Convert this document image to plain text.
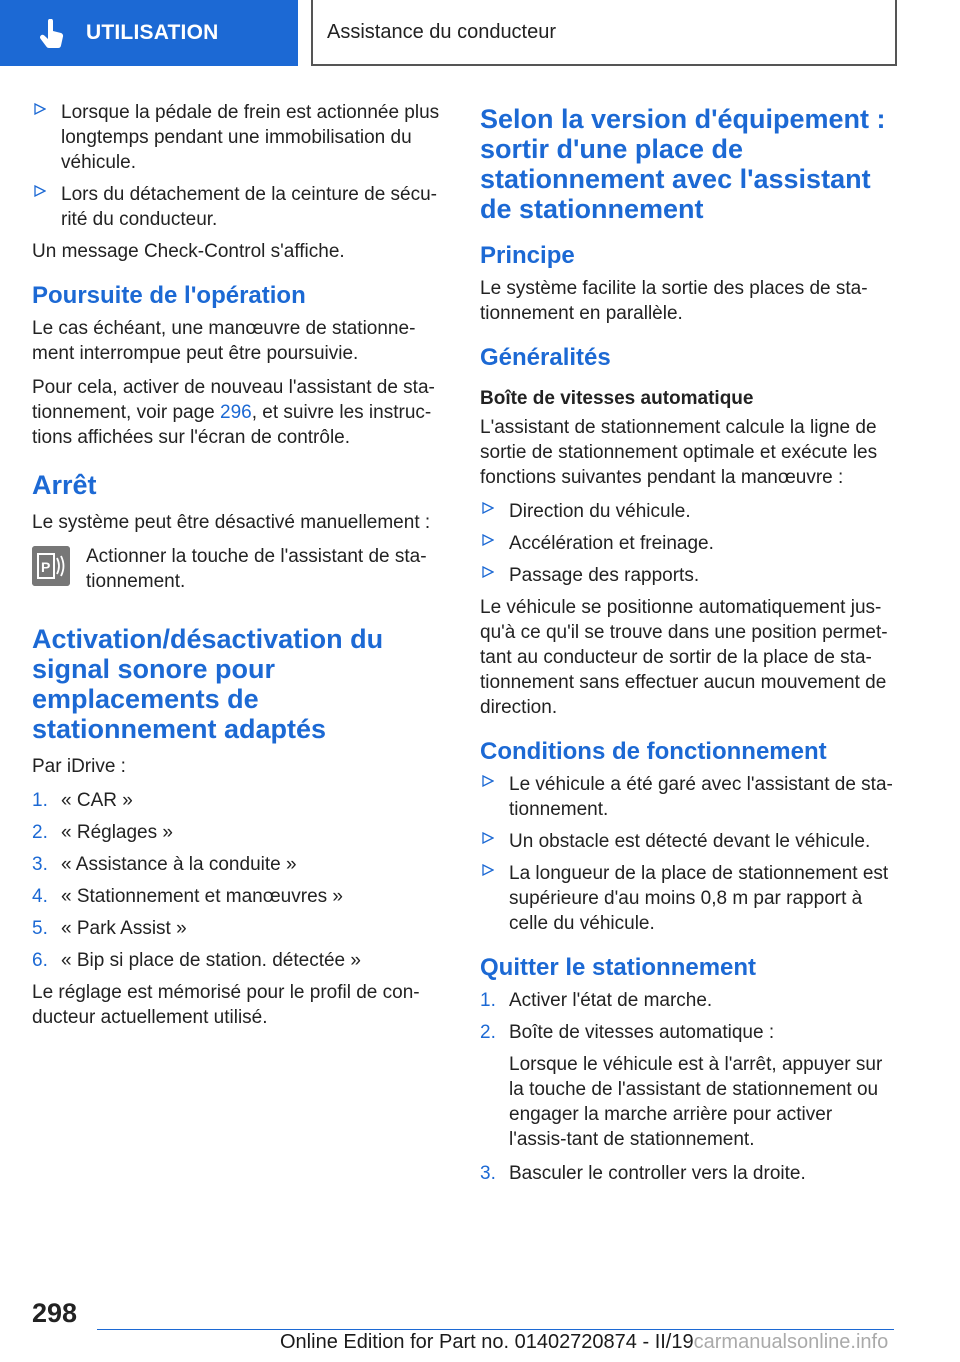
UTILISATION	Assistance du conducteur
Lorsque la pédale de frein est actionnée plus longtemps pendant une immobilisation du véhicule.
Lors du détachement de la ceinture de sécu-rité du conducteur.

Un message Check-Control s'affiche.

Poursuite de l'opération

Le cas échéant, une manœuvre de stationne-ment interrompue peut être poursuivie.

Pour cela, activer de nouveau l'assistant de sta-tionnement, voir page 296, et suivre les instruc-tions affichées sur l'écran de contrôle.

Arrêt

Le système peut être désactivé manuellement :

P Actionner la touche de l'assistant de sta-tionnement.
Activation/désactivation du signal sonore pour emplacements de stationnement adaptés

Par iDrive :

1. « CAR »
2. « Réglages »
3. « Assistance à la conduite »
4. « Stationnement et manœuvres »
5. « Park Assist »
6. « Bip si place de station. détectée »

Le réglage est mémorisé pour le profil de con-ducteur actuellement utilisé.

Selon la version d'équipement : sortir d'une place de stationnement avec l'assistant de stationnement
Principe

Le système facilite la sortie des places de sta-tionnement en parallèle.

Généralités
Boîte de vitesses automatique

L'assistant de stationnement calcule la ligne de sortie de stationnement optimale et exécute les fonctions suivantes pendant la manœuvre :

Direction du véhicule.
Accélération et freinage.
Passage des rapports.

Le véhicule se positionne automatiquement jus-qu'à ce qu'il se trouve dans une position permet-tant au conducteur de sortir de la place de sta-tionnement sans effectuer aucun mouvement de direction.

Conditions de fonctionnement
Le véhicule a été garé avec l'assistant de sta-tionnement.
Un obstacle est détecté devant le véhicule.
La longueur de la place de stationnement est supérieure d'au moins 0,8 m par rapport à celle du véhicule.
Quitter le stationnement
1. Activer l'état de marche.
2. Boîte de vitesses automatique :

Lorsque le véhicule est à l'arrêt, appuyer sur la touche de l'assistant de stationnement ou engager la marche arrière pour activer l'assis-tant de stationnement.

3. Basculer le controller vers la droite.
298
Online Edition for Part no. 01402720874 - II/19carmanualsonline.info
